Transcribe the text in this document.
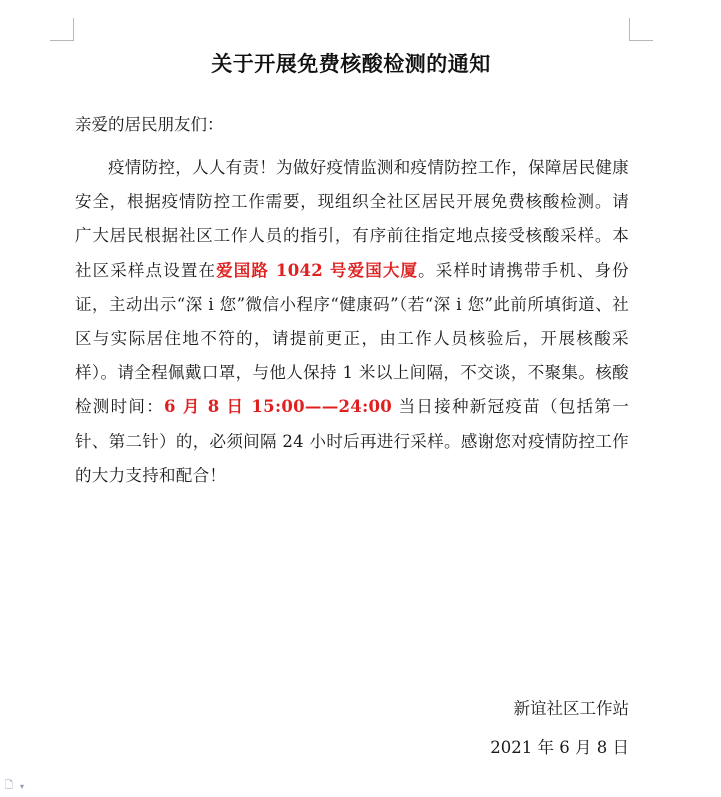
关于开展免费核酸检测的通知

亲爱的居民朋友们：

疫情防控，人人有责！为做好疫情监测和疫情防控工作，保障居民健康安全，根据疫情防控工作需要，现组织全社区居民开展免费核酸检测。请广大居民根据社区工作人员的指引，有序前往指定地点接受核酸采样。本社区采样点设置在爱国路 1042 号爱国大厦。采样时请携带手机、身份证，主动出示“深 i 您”微信小程序“健康码”（若“深 i 您”此前所填街道、社区与实际居住地不符的，请提前更正，由工作人员核验后，开展核酸采样）。请全程佩戴口罩，与他人保持 1 米以上间隔，不交谈，不聚集。核酸检测时间：6 月 8 日 15:00——24:00 当日接种新冠疫苗（包括第一针、第二针）的，必须间隔 24 小时后再进行采样。感谢您对疫情防控工作的大力支持和配合！

新谊社区工作站

2021 年 6 月 8 日

🗋 ▾
